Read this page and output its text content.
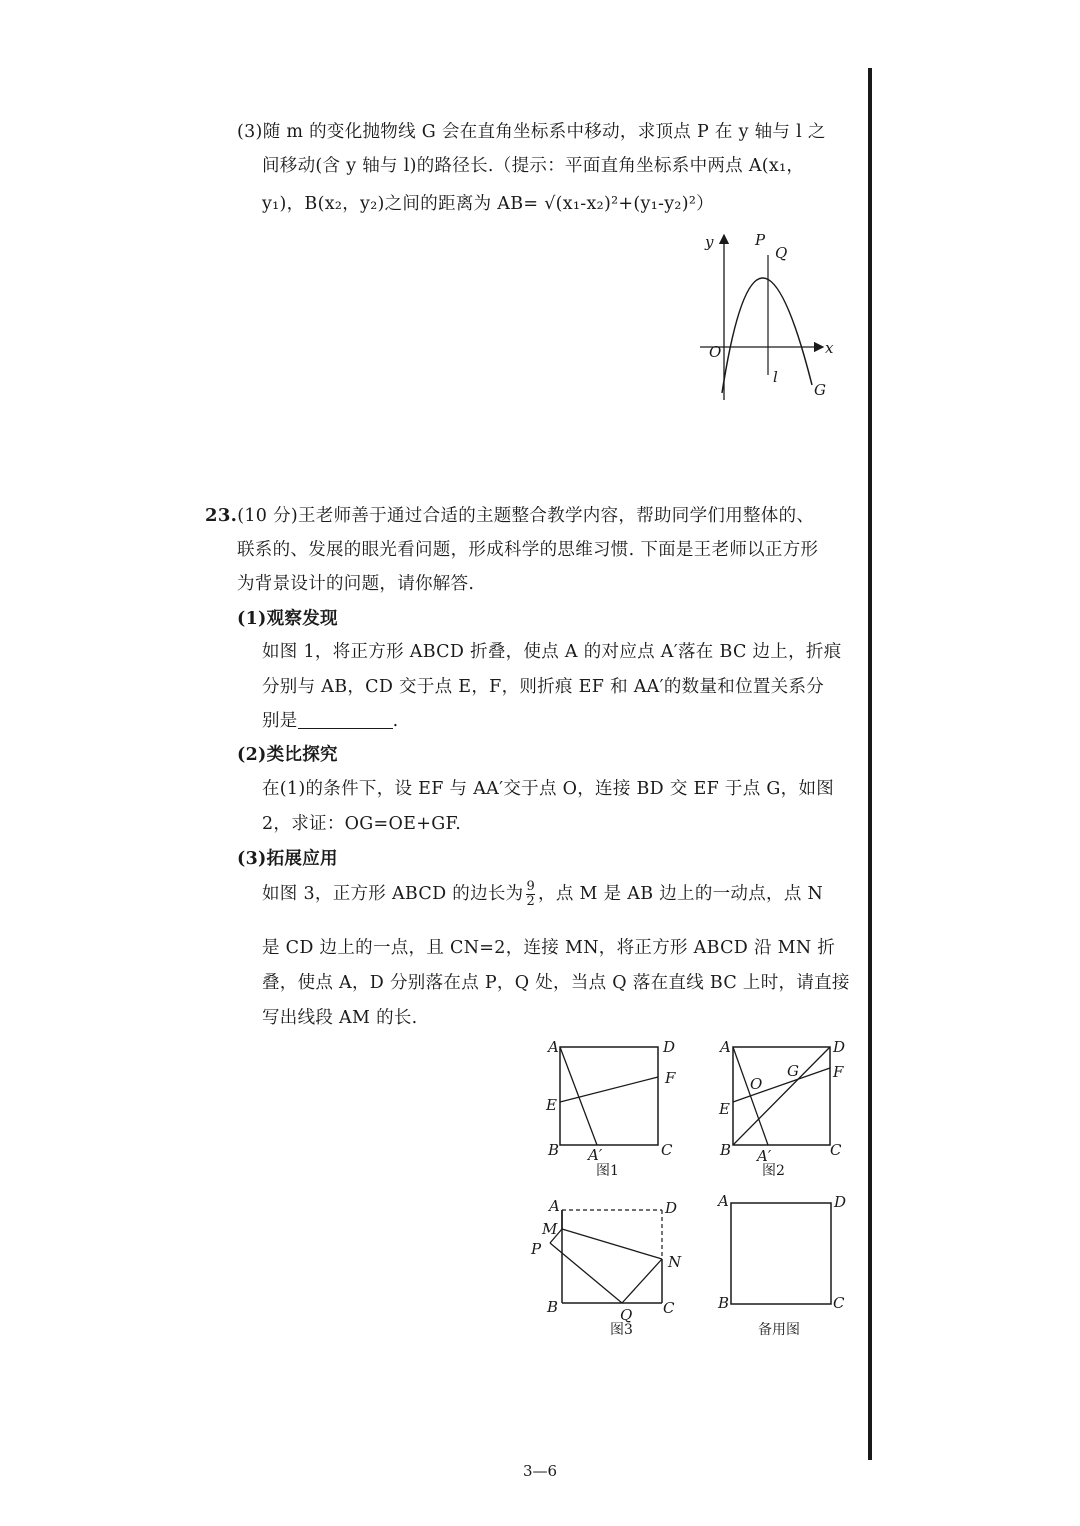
(3)随 m 的变化抛物线 G 会在直角坐标系中移动，求顶点 P 在 y 轴与 l 之
间移动(含 y 轴与 l)的路径长.（提示：平面直角坐标系中两点 A(x₁，
y₁)，B(x₂，y₂)之间的距离为 AB= √(x₁-x₂)²+(y₁-y₂)²）
y
x
O
P
Q
l
G
23.(10 分)王老师善于通过合适的主题整合教学内容，帮助同学们用整体的、
联系的、发展的眼光看问题，形成科学的思维习惯. 下面是王老师以正方形
为背景设计的问题，请你解答.
(1)观察发现
如图 1，将正方形 ABCD 折叠，使点 A 的对应点 A′落在 BC 边上，折痕
分别与 AB，CD 交于点 E，F，则折痕 EF 和 AA′的数量和位置关系分
别是	.
(2)类比探究
在(1)的条件下，设 EF 与 AA′交于点 O，连接 BD 交 EF 于点 G，如图
2，求证：OG=OE+GF.
(3)拓展应用
如图 3，正方形 ABCD 的边长为 $\frac{9}{2}$ ，点 M 是 AB 边上的一动点，点 N
是 CD 边上的一点，且 CN=2，连接 MN，将正方形 ABCD 沿 MN 折
叠，使点 A，D 分别落在点 P，Q 处，当点 Q 落在直线 BC 上时，请直接
写出线段 AM 的长.
A	D
B	C
E
F
A′
图1
A	D
B	C
E
F
O
G
A′
图2
A	D
M
P
N
B	C
Q
图3
A	D
B	C
备用图
3—6
